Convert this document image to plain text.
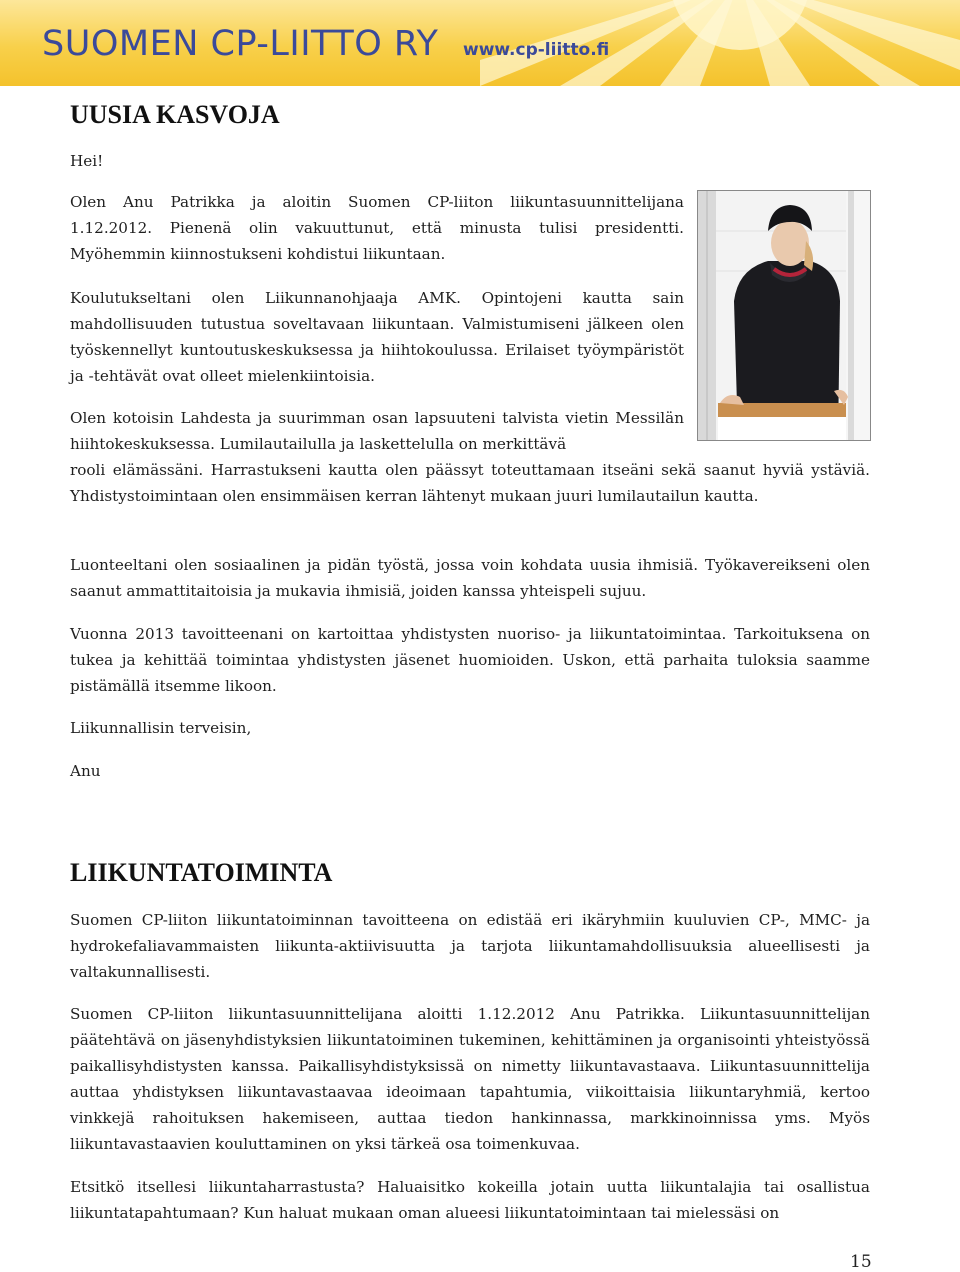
SUOMEN CP-LIITTO RY www.cp-liitto.fi
UUSIA KASVOJA

Hei!

Olen Anu Patrikka ja aloitin Suomen CP-liiton liikuntasuunnittelijana 1.12.2012. Pienenä olin vakuuttunut, että minusta tulisi presidentti. Myöhemmin kiinnostukseni kohdistui liikuntaan.

Koulutukseltani olen Liikunnanohjaaja AMK. Opintojeni kautta sain mahdollisuuden tutustua soveltavaan liikuntaan. Valmistumiseni jälkeen olen työskennellyt kuntoutuskeskuksessa ja hiihtokoulussa. Erilaiset työympäristöt ja -tehtävät ovat olleet mielenkiintoisia.

Olen kotoisin Lahdesta ja suurimman osan lapsuuteni talvista vietin Messilän hiihtokeskuksessa. Lumilautailulla ja laskettelulla on merkittävä

rooli elämässäni. Harrastukseni kautta olen päässyt toteuttamaan itseäni sekä saanut hyviä ystäviä. Yhdistystoimintaan olen ensimmäisen kerran lähtenyt mukaan juuri lumilautailun kautta.

Luonteeltani olen sosiaalinen ja pidän työstä, jossa voin kohdata uusia ihmisiä. Työkavereikseni olen saanut ammattitaitoisia ja mukavia ihmisiä, joiden kanssa yhteispeli sujuu.

Vuonna 2013 tavoitteenani on kartoittaa yhdistysten nuoriso- ja liikuntatoimintaa. Tarkoituksena on tukea ja kehittää toimintaa yhdistysten jäsenet huomioiden. Uskon, että parhaita tuloksia saamme pistämällä itsemme likoon.

Liikunnallisin terveisin,

Anu

LIIKUNTATOIMINTA

Suomen CP-liiton liikuntatoiminnan tavoitteena on edistää eri ikäryhmiin kuuluvien CP-, MMC- ja hydrokefaliavammaisten liikunta-aktiivisuutta ja tarjota liikuntamahdollisuuksia alueellisesti ja valtakunnallisesti.

Suomen CP-liiton liikuntasuunnittelijana aloitti 1.12.2012 Anu Patrikka. Liikuntasuunnittelijan päätehtävä on jäsenyhdistyksien liikuntatoiminen tukeminen, kehittäminen ja organisointi yhteistyössä paikallisyhdistysten kanssa. Paikallisyhdistyksissä on nimetty liikuntavastaava. Liikuntasuunnittelija auttaa yhdistyksen liikuntavastaavaa ideoimaan tapahtumia, viikoittaisia liikuntaryhmiä, kertoo vinkkejä rahoituksen hakemiseen, auttaa tiedon hankinnassa, markkinoinnissa yms. Myös liikuntavastaavien kouluttaminen on yksi tärkeä osa toimenkuvaa.

Etsitkö itsellesi liikuntaharrastusta? Haluaisitko kokeilla jotain uutta liikuntalajia tai osallistua liikuntatapahtumaan? Kun haluat mukaan oman alueesi liikuntatoimintaan tai mielessäsi on

15
